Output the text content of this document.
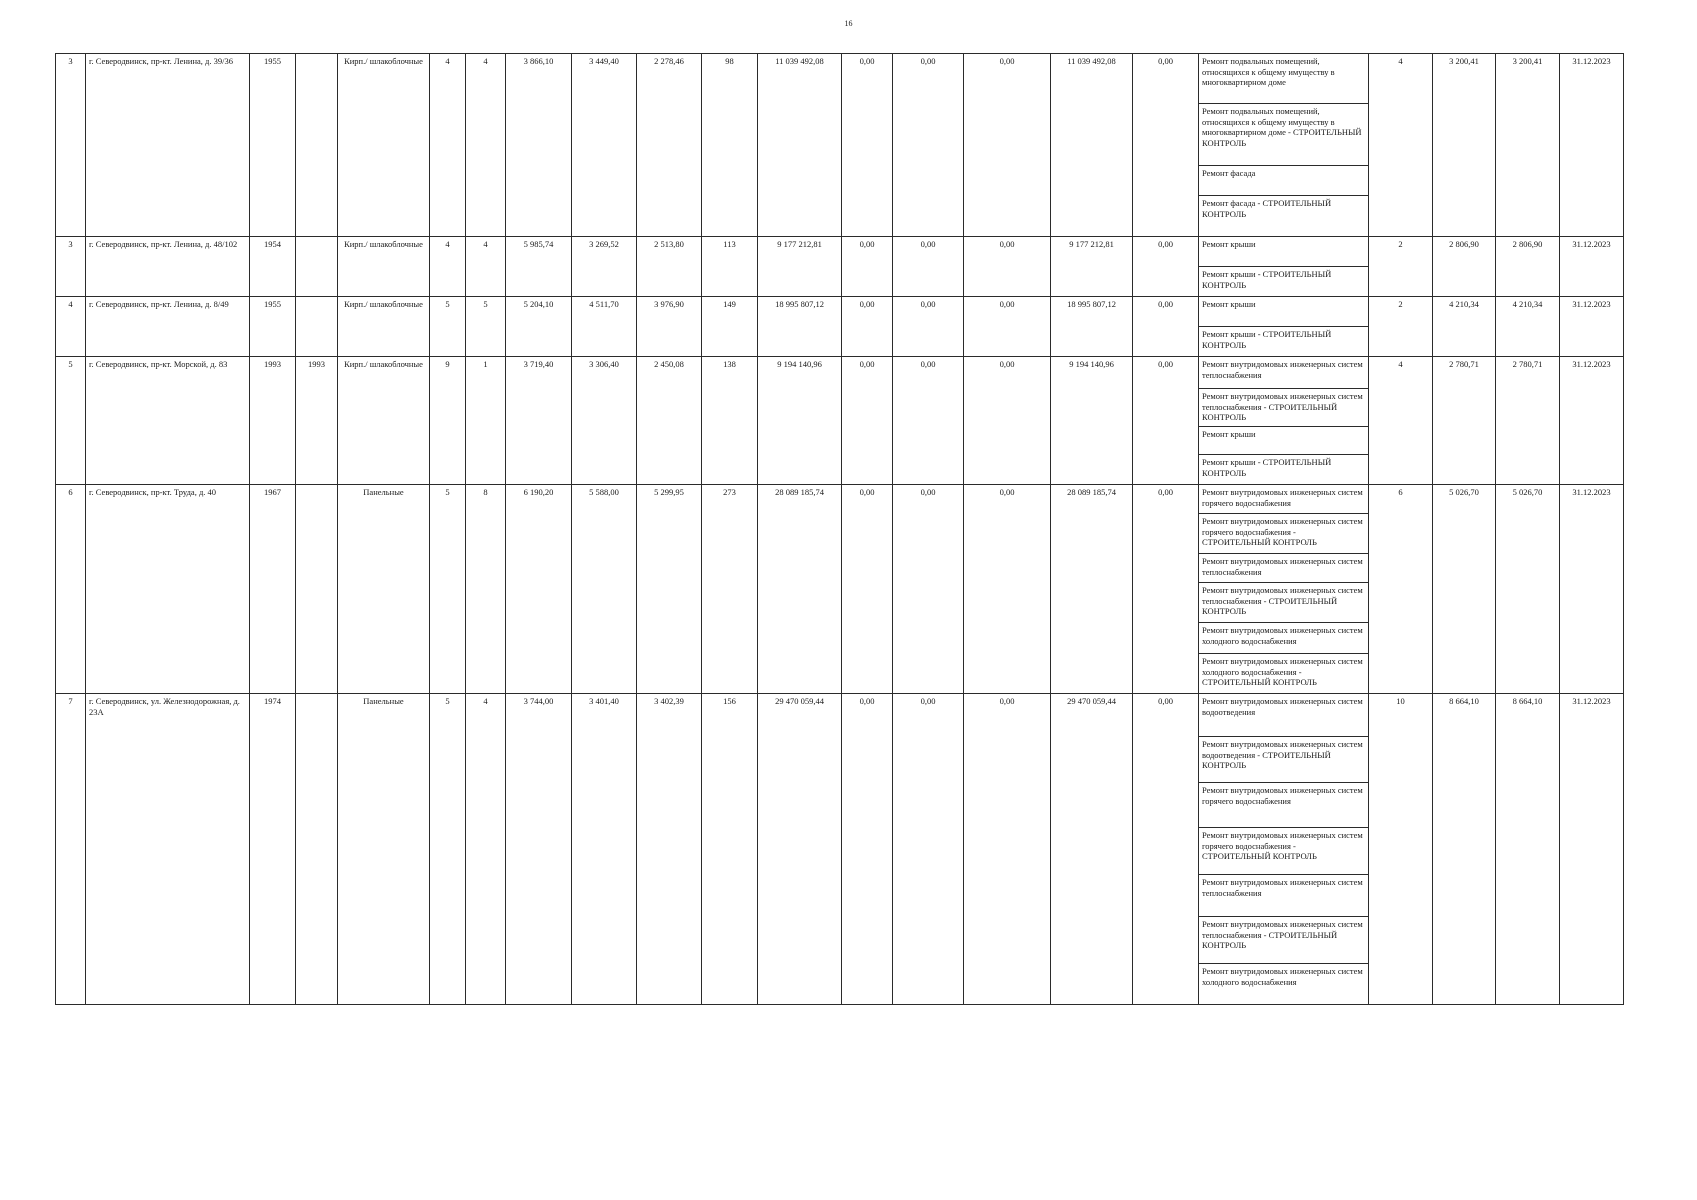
16
3	г. Северодвинск, пр-кт. Ленина, д. 39/36	1955		Кирп./ шлакоблочные	4	4	3 866,10	3 449,40	2 278,46	98	11 039 492,08	0,00	0,00	0,00	11 039 492,08	0,00	Ремонт подвальных помещений, относящихся к общему имуществу в многоквартирном доме	4	3 200,41	3 200,41	31.12.2023
																	Ремонт подвальных помещений, относящихся к общему имуществу в многоквартирном доме - СТРОИТЕЛЬНЫЙ КОНТРОЛЬ				
																	Ремонт фасада				
																	Ремонт фасада - СТРОИТЕЛЬНЫЙ КОНТРОЛЬ				
3	г. Северодвинск, пр-кт. Ленина, д. 48/102	1954		Кирп./ шлакоблочные	4	4	5 985,74	3 269,52	2 513,80	113	9 177 212,81	0,00	0,00	0,00	9 177 212,81	0,00	Ремонт крыши	2	2 806,90	2 806,90	31.12.2023
																	Ремонт крыши - СТРОИТЕЛЬНЫЙ КОНТРОЛЬ				
4	г. Северодвинск, пр-кт. Ленина, д. 8/49	1955		Кирп./ шлакоблочные	5	5	5 204,10	4 511,70	3 976,90	149	18 995 807,12	0,00	0,00	0,00	18 995 807,12	0,00	Ремонт крыши	2	4 210,34	4 210,34	31.12.2023
																	Ремонт крыши - СТРОИТЕЛЬНЫЙ КОНТРОЛЬ				
5	г. Северодвинск, пр-кт. Морской, д. 83	1993	1993	Кирп./ шлакоблочные	9	1	3 719,40	3 306,40	2 450,08	138	9 194 140,96	0,00	0,00	0,00	9 194 140,96	0,00	Ремонт внутридомовых инженерных систем теплоснабжения	4	2 780,71	2 780,71	31.12.2023
																	Ремонт внутридомовых инженерных систем теплоснабжения - СТРОИТЕЛЬНЫЙ КОНТРОЛЬ				
																	Ремонт крыши				
																	Ремонт крыши - СТРОИТЕЛЬНЫЙ КОНТРОЛЬ				
6	г. Северодвинск, пр-кт. Труда, д. 40	1967		Панельные	5	8	6 190,20	5 588,00	5 299,95	273	28 089 185,74	0,00	0,00	0,00	28 089 185,74	0,00	Ремонт внутридомовых инженерных систем горячего водоснабжения	6	5 026,70	5 026,70	31.12.2023
																	Ремонт внутридомовых инженерных систем горячего водоснабжения - СТРОИТЕЛЬНЫЙ КОНТРОЛЬ				
																	Ремонт внутридомовых инженерных систем теплоснабжения				
																	Ремонт внутридомовых инженерных систем теплоснабжения - СТРОИТЕЛЬНЫЙ КОНТРОЛЬ				
																	Ремонт внутридомовых инженерных систем холодного водоснабжения				
																	Ремонт внутридомовых инженерных систем холодного водоснабжения - СТРОИТЕЛЬНЫЙ КОНТРОЛЬ				
7	г. Северодвинск, ул. Железнодорожная, д. 23А	1974		Панельные	5	4	3 744,00	3 401,40	3 402,39	156	29 470 059,44	0,00	0,00	0,00	29 470 059,44	0,00	Ремонт внутридомовых инженерных систем водоотведения	10	8 664,10	8 664,10	31.12.2023
																	Ремонт внутридомовых инженерных систем водоотведения - СТРОИТЕЛЬНЫЙ КОНТРОЛЬ				
																	Ремонт внутридомовых инженерных систем горячего водоснабжения				
																	Ремонт внутридомовых инженерных систем горячего водоснабжения - СТРОИТЕЛЬНЫЙ КОНТРОЛЬ				
																	Ремонт внутридомовых инженерных систем теплоснабжения				
																	Ремонт внутридомовых инженерных систем теплоснабжения - СТРОИТЕЛЬНЫЙ КОНТРОЛЬ				
																	Ремонт внутридомовых инженерных систем холодного водоснабжения				
